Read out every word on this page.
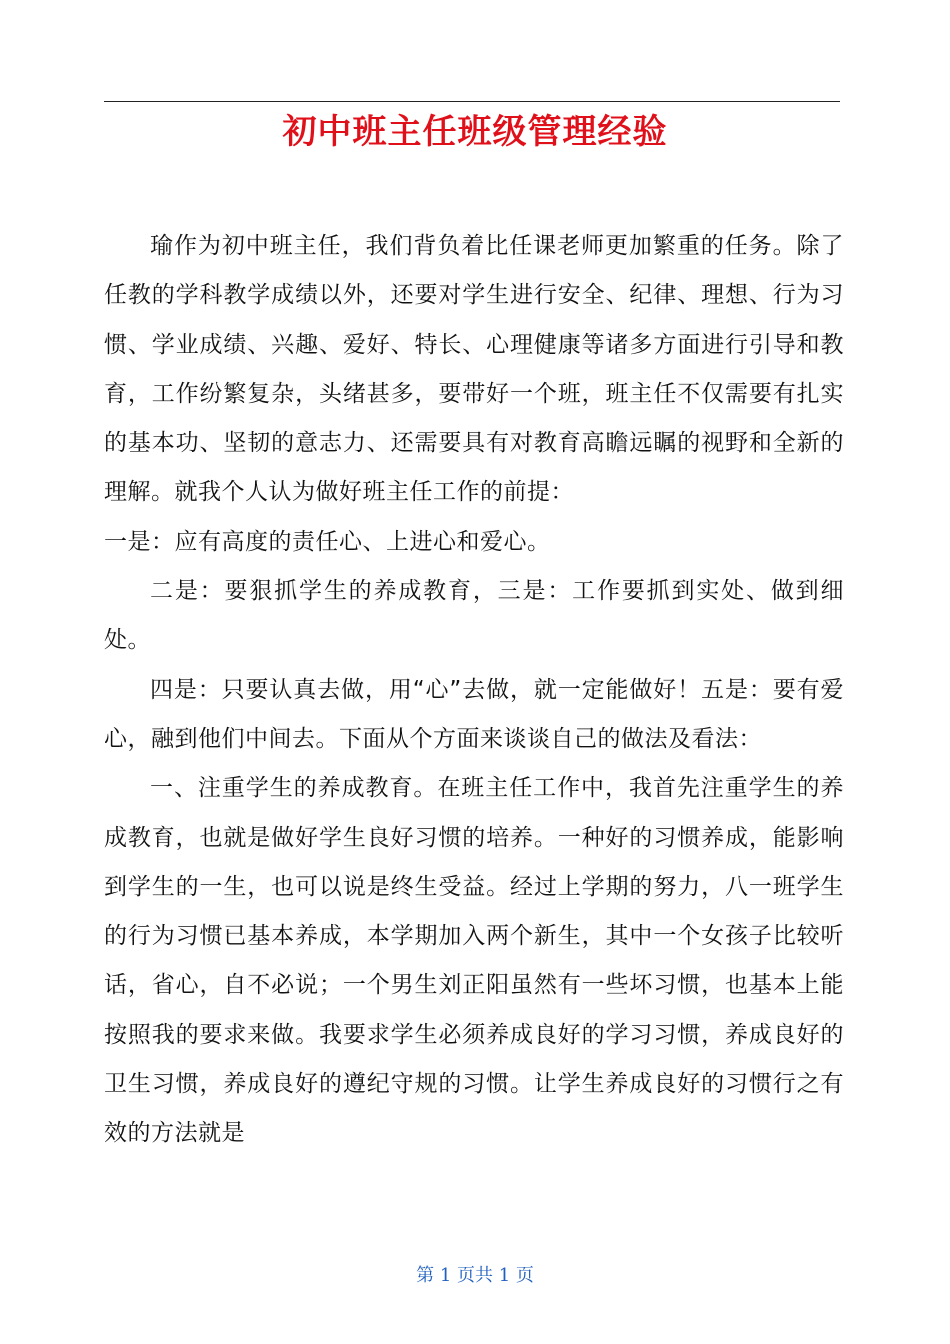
初中班主任班级管理经验

瑜作为初中班主任，我们背负着比任课老师更加繁重的任务。除了任教的学科教学成绩以外，还要对学生进行安全、纪律、理想、行为习惯、学业成绩、兴趣、爱好、特长、心理健康等诸多方面进行引导和教育，工作纷繁复杂，头绪甚多，要带好一个班，班主任不仅需要有扎实的基本功、坚韧的意志力、还需要具有对教育高瞻远瞩的视野和全新的理解。就我个人认为做好班主任工作的前提：

一是：应有高度的责任心、上进心和爱心。

二是：要狠抓学生的养成教育，三是：工作要抓到实处、做到细处。

四是：只要认真去做，用“心”去做，就一定能做好！五是：要有爱心，融到他们中间去。下面从个方面来谈谈自己的做法及看法：

一、注重学生的养成教育。在班主任工作中，我首先注重学生的养成教育，也就是做好学生良好习惯的培养。一种好的习惯养成，能影响到学生的一生，也可以说是终生受益。经过上学期的努力，八一班学生的行为习惯已基本养成，本学期加入两个新生，其中一个女孩子比较听话，省心，自不必说；一个男生刘正阳虽然有一些坏习惯，也基本上能按照我的要求来做。我要求学生必须养成良好的学习习惯，养成良好的卫生习惯，养成良好的遵纪守规的习惯。让学生养成良好的习惯行之有效的方法就是

第 1 页共 1 页
